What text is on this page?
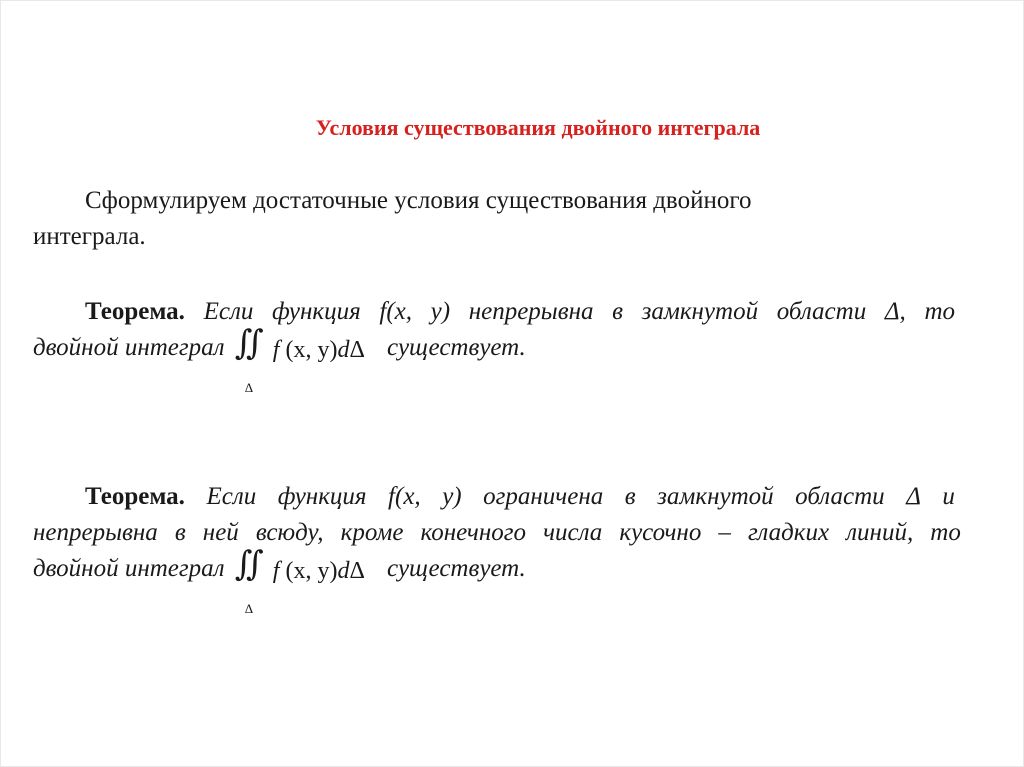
Условия существования двойного интеграла
Сформулируем достаточные условия существования двойного
интеграла.
Теорема. Если функция f(x, y) непрерывна в замкнутой области Δ, то
двойной интеграл ∬
Δ
f (x, y)dΔ существует.
Теорема. Если функция f(x, y) ограничена в замкнутой области Δ и
непрерывна в ней всюду, кроме конечного числа кусочно – гладких линий, то
двойной интеграл ∬
Δ
f (x, y)dΔ существует.
